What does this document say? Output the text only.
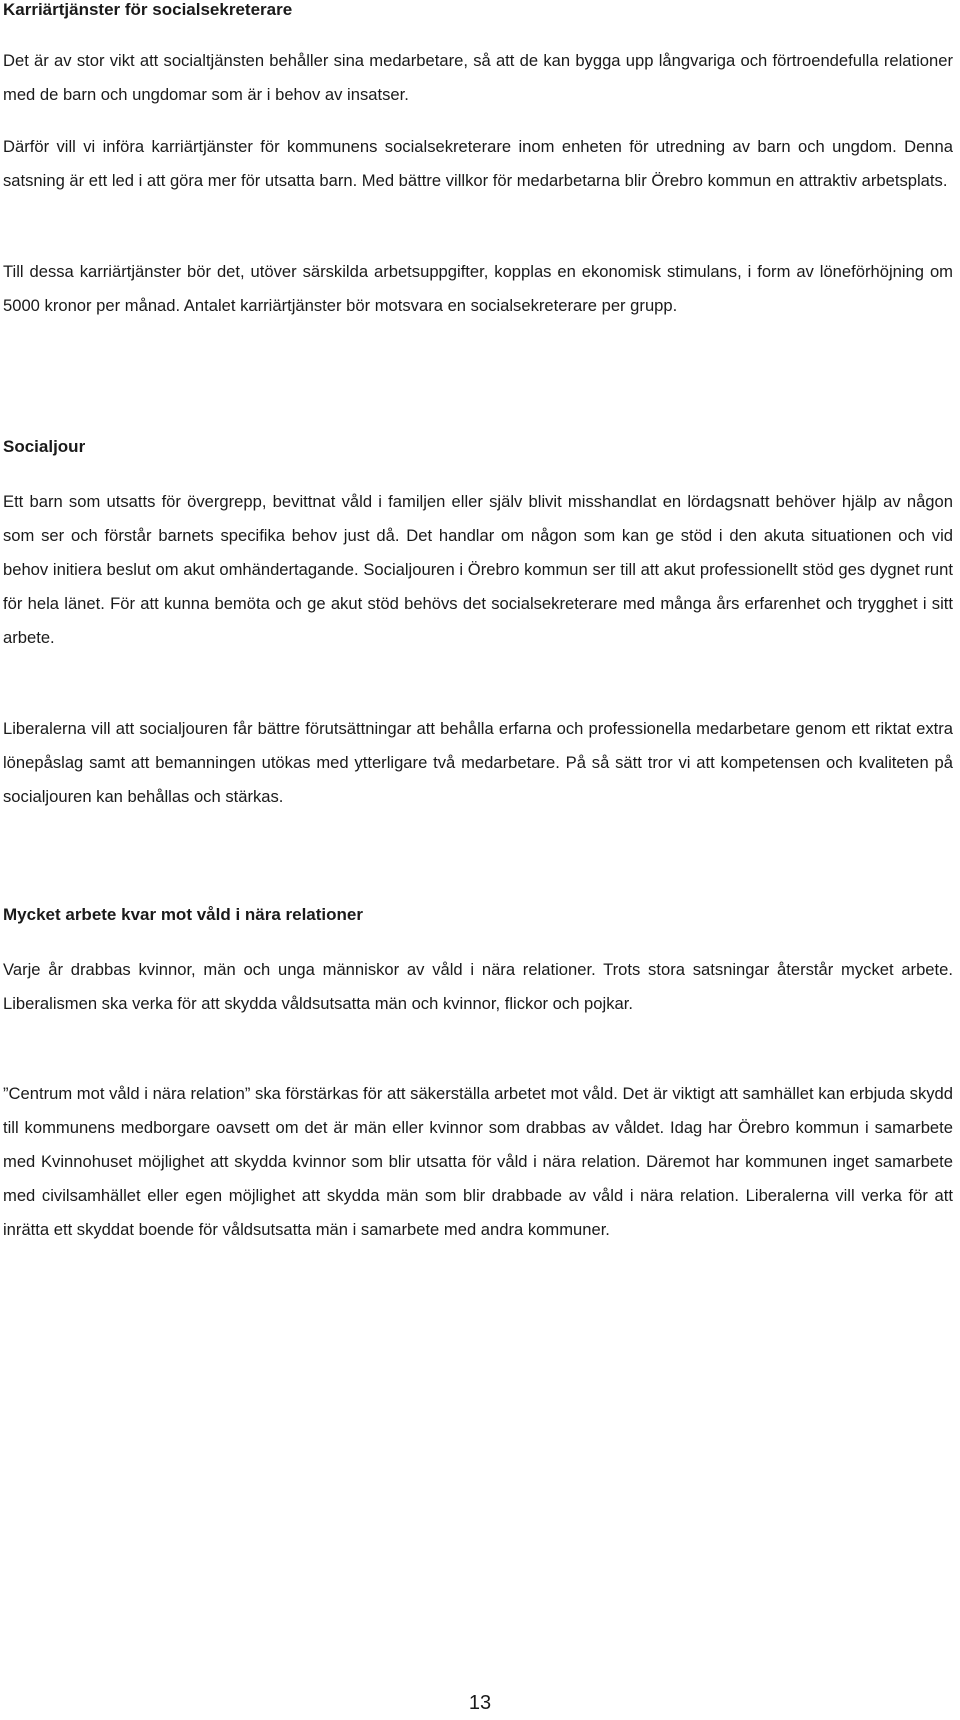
Karriärtjänster för socialsekreterare

Det är av stor vikt att socialtjänsten behåller sina medarbetare, så att de kan bygga upp långvariga och förtroendefulla relationer med de barn och ungdomar som är i behov av insatser.

Därför vill vi införa karriärtjänster för kommunens socialsekreterare inom enheten för utredning av barn och ungdom. Denna satsning är ett led i att göra mer för utsatta barn. Med bättre villkor för medarbetarna blir Örebro kommun en attraktiv arbetsplats.

Till dessa karriärtjänster bör det, utöver särskilda arbetsuppgifter, kopplas en ekonomisk stimulans, i form av löneförhöjning om 5000 kronor per månad. Antalet karriärtjänster bör motsvara en socialsekreterare per grupp.

Socialjour

Ett barn som utsatts för övergrepp, bevittnat våld i familjen eller själv blivit misshandlat en lördagsnatt behöver hjälp av någon som ser och förstår barnets specifika behov just då. Det handlar om någon som kan ge stöd i den akuta situationen och vid behov initiera beslut om akut omhändertagande. Socialjouren i Örebro kommun ser till att akut professionellt stöd ges dygnet runt för hela länet. För att kunna bemöta och ge akut stöd behövs det socialsekreterare med många års erfarenhet och trygghet i sitt arbete.

Liberalerna vill att socialjouren får bättre förutsättningar att behålla erfarna och professionella medarbetare genom ett riktat extra lönepåslag samt att bemanningen utökas med ytterligare två medarbetare. På så sätt tror vi att kompetensen och kvaliteten på socialjouren kan behållas och stärkas.

Mycket arbete kvar mot våld i nära relationer

Varje år drabbas kvinnor, män och unga människor av våld i nära relationer. Trots stora satsningar återstår mycket arbete. Liberalismen ska verka för att skydda våldsutsatta män och kvinnor, flickor och pojkar.

”Centrum mot våld i nära relation” ska förstärkas för att säkerställa arbetet mot våld. Det är viktigt att samhället kan erbjuda skydd till kommunens medborgare oavsett om det är män eller kvinnor som drabbas av våldet. Idag har Örebro kommun i samarbete med Kvinnohuset möjlighet att skydda kvinnor som blir utsatta för våld i nära relation. Däremot har kommunen inget samarbete med civilsamhället eller egen möjlighet att skydda män som blir drabbade av våld i nära relation. Liberalerna vill verka för att inrätta ett skyddat boende för våldsutsatta män i samarbete med andra kommuner.

13
